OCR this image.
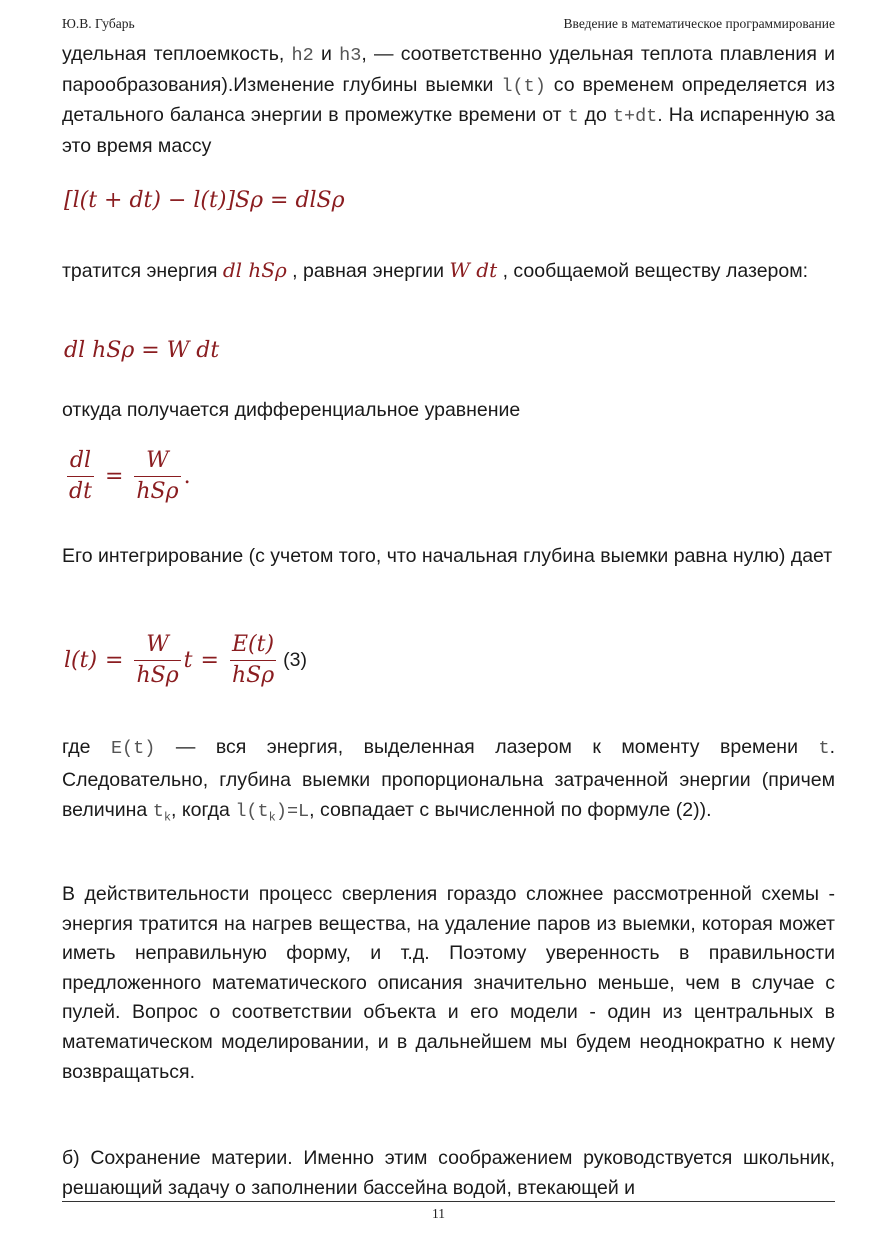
Ю.В. Губарь	Введение в математическое программирование
удельная теплоемкость, h2 и h3, — соответственно удельная теплота плавления и парообразования).Изменение глубины выемки l(t) со временем определяется из детального баланса энергии в промежутке времени от t до t+dt. На испаренную за это время массу
[l(t + dt) − l(t)]Sρ = dlSρ
тратится энергия dl hSρ , равная энергии W dt , сообщаемой веществу лазером:
dl hSρ = W dt
откуда получается дифференциальное уравнение
$\frac{dl}{dt} = \frac{W}{\text{hSρ}}$ .
Его интегрирование (с учетом того, что начальная глубина выемки равна нулю) дает
$l(t) = \frac{W}{\text{hSρ}}$ $t = \frac{E(t)}{\text{hSρ}} (3)$
где E(t) — вся энергия, выделенная лазером к моменту времени t. Следовательно, глубина выемки пропорциональна затраченной энергии (причем величина $t_k$, когда $l(t_k)=L$, совпадает с вычисленной по формуле (2)).
В действительности процесс сверления гораздо сложнее рассмотренной схемы - энергия тратится на нагрев вещества, на удаление паров из выемки, которая может иметь неправильную форму, и т.д. Поэтому уверенность в правильности предложенного математического описания значительно меньше, чем в случае с пулей. Вопрос о соответствии объекта и его модели - один из центральных в математическом моделировании, и в дальнейшем мы будем неоднократно к нему возвращаться.
б) Сохранение материи. Именно этим соображением руководствуется школьник, решающий задачу о заполнении бассейна водой, втекающей и
11
